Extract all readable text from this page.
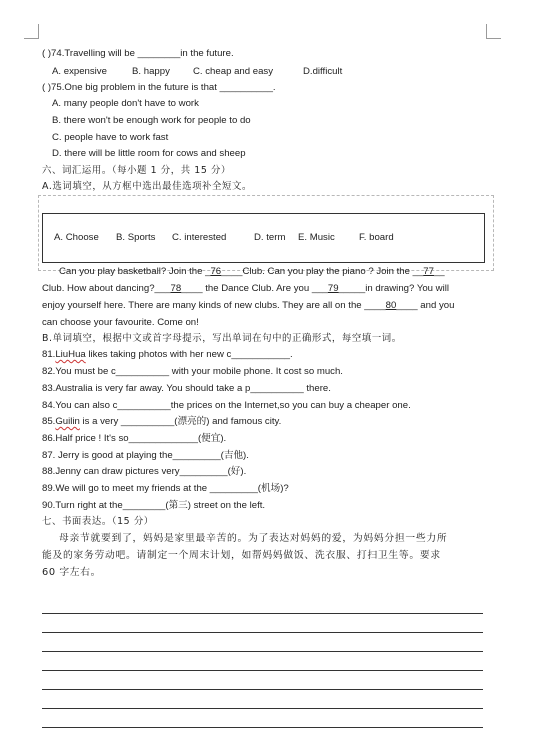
( )74.Travelling will be ________in the future.
A. expensive	B. happy C. cheap and easy	D.difficult
( )75.One big problem in the future is that __________.
A. many people don't have to work
B. there won't be enough work for people to do
C. people have to work fast
D. there will be little room for cows and sheep
六、词汇运用。（每小题 1 分，共 15 分）
A.选词填空，从方框中选出最佳选项补全短文。
A. Choose B. Sports C. interested	D. term E. Music	F. board
Can you play basketball? Join the _76____Club. Can you play the piano ? Join the __77__
Club. How about dancing?___78____ the Dance Club. Are you ___79_____in drawing? You will
enjoy yourself here. There are many kinds of new clubs. They are all on the ____80____ and you
can choose your favourite. Come on!
B.单词填空，根据中文或首字母提示，写出单词在句中的正确形式，每空填一词。
81.LiuHua likes taking photos with her new c___________.
82.You must be c__________ with your mobile phone. It cost so much.
83.Australia is very far away. You should take a p__________ there.
84.You can also c__________the prices on the Internet,so you can buy a cheaper one.
85.Guilin is a very __________(漂亮的) and famous city.
86.Half price ! It's so_____________(便宜).
87. Jerry is good at playing the_________(吉他).
88.Jenny can draw pictures very_________(好).
89.We will go to meet my friends at the _________(机场)?
90.Turn right at the________(第三) street on the left.
七、书面表达。（15 分）
母亲节就要到了，妈妈是家里最辛苦的。为了表达对妈妈的爱，为妈妈分担一些力所
能及的家务劳动吧。请制定一个周末计划，如帮妈妈做饭、洗衣服、打扫卫生等。要求
60 字左右。
